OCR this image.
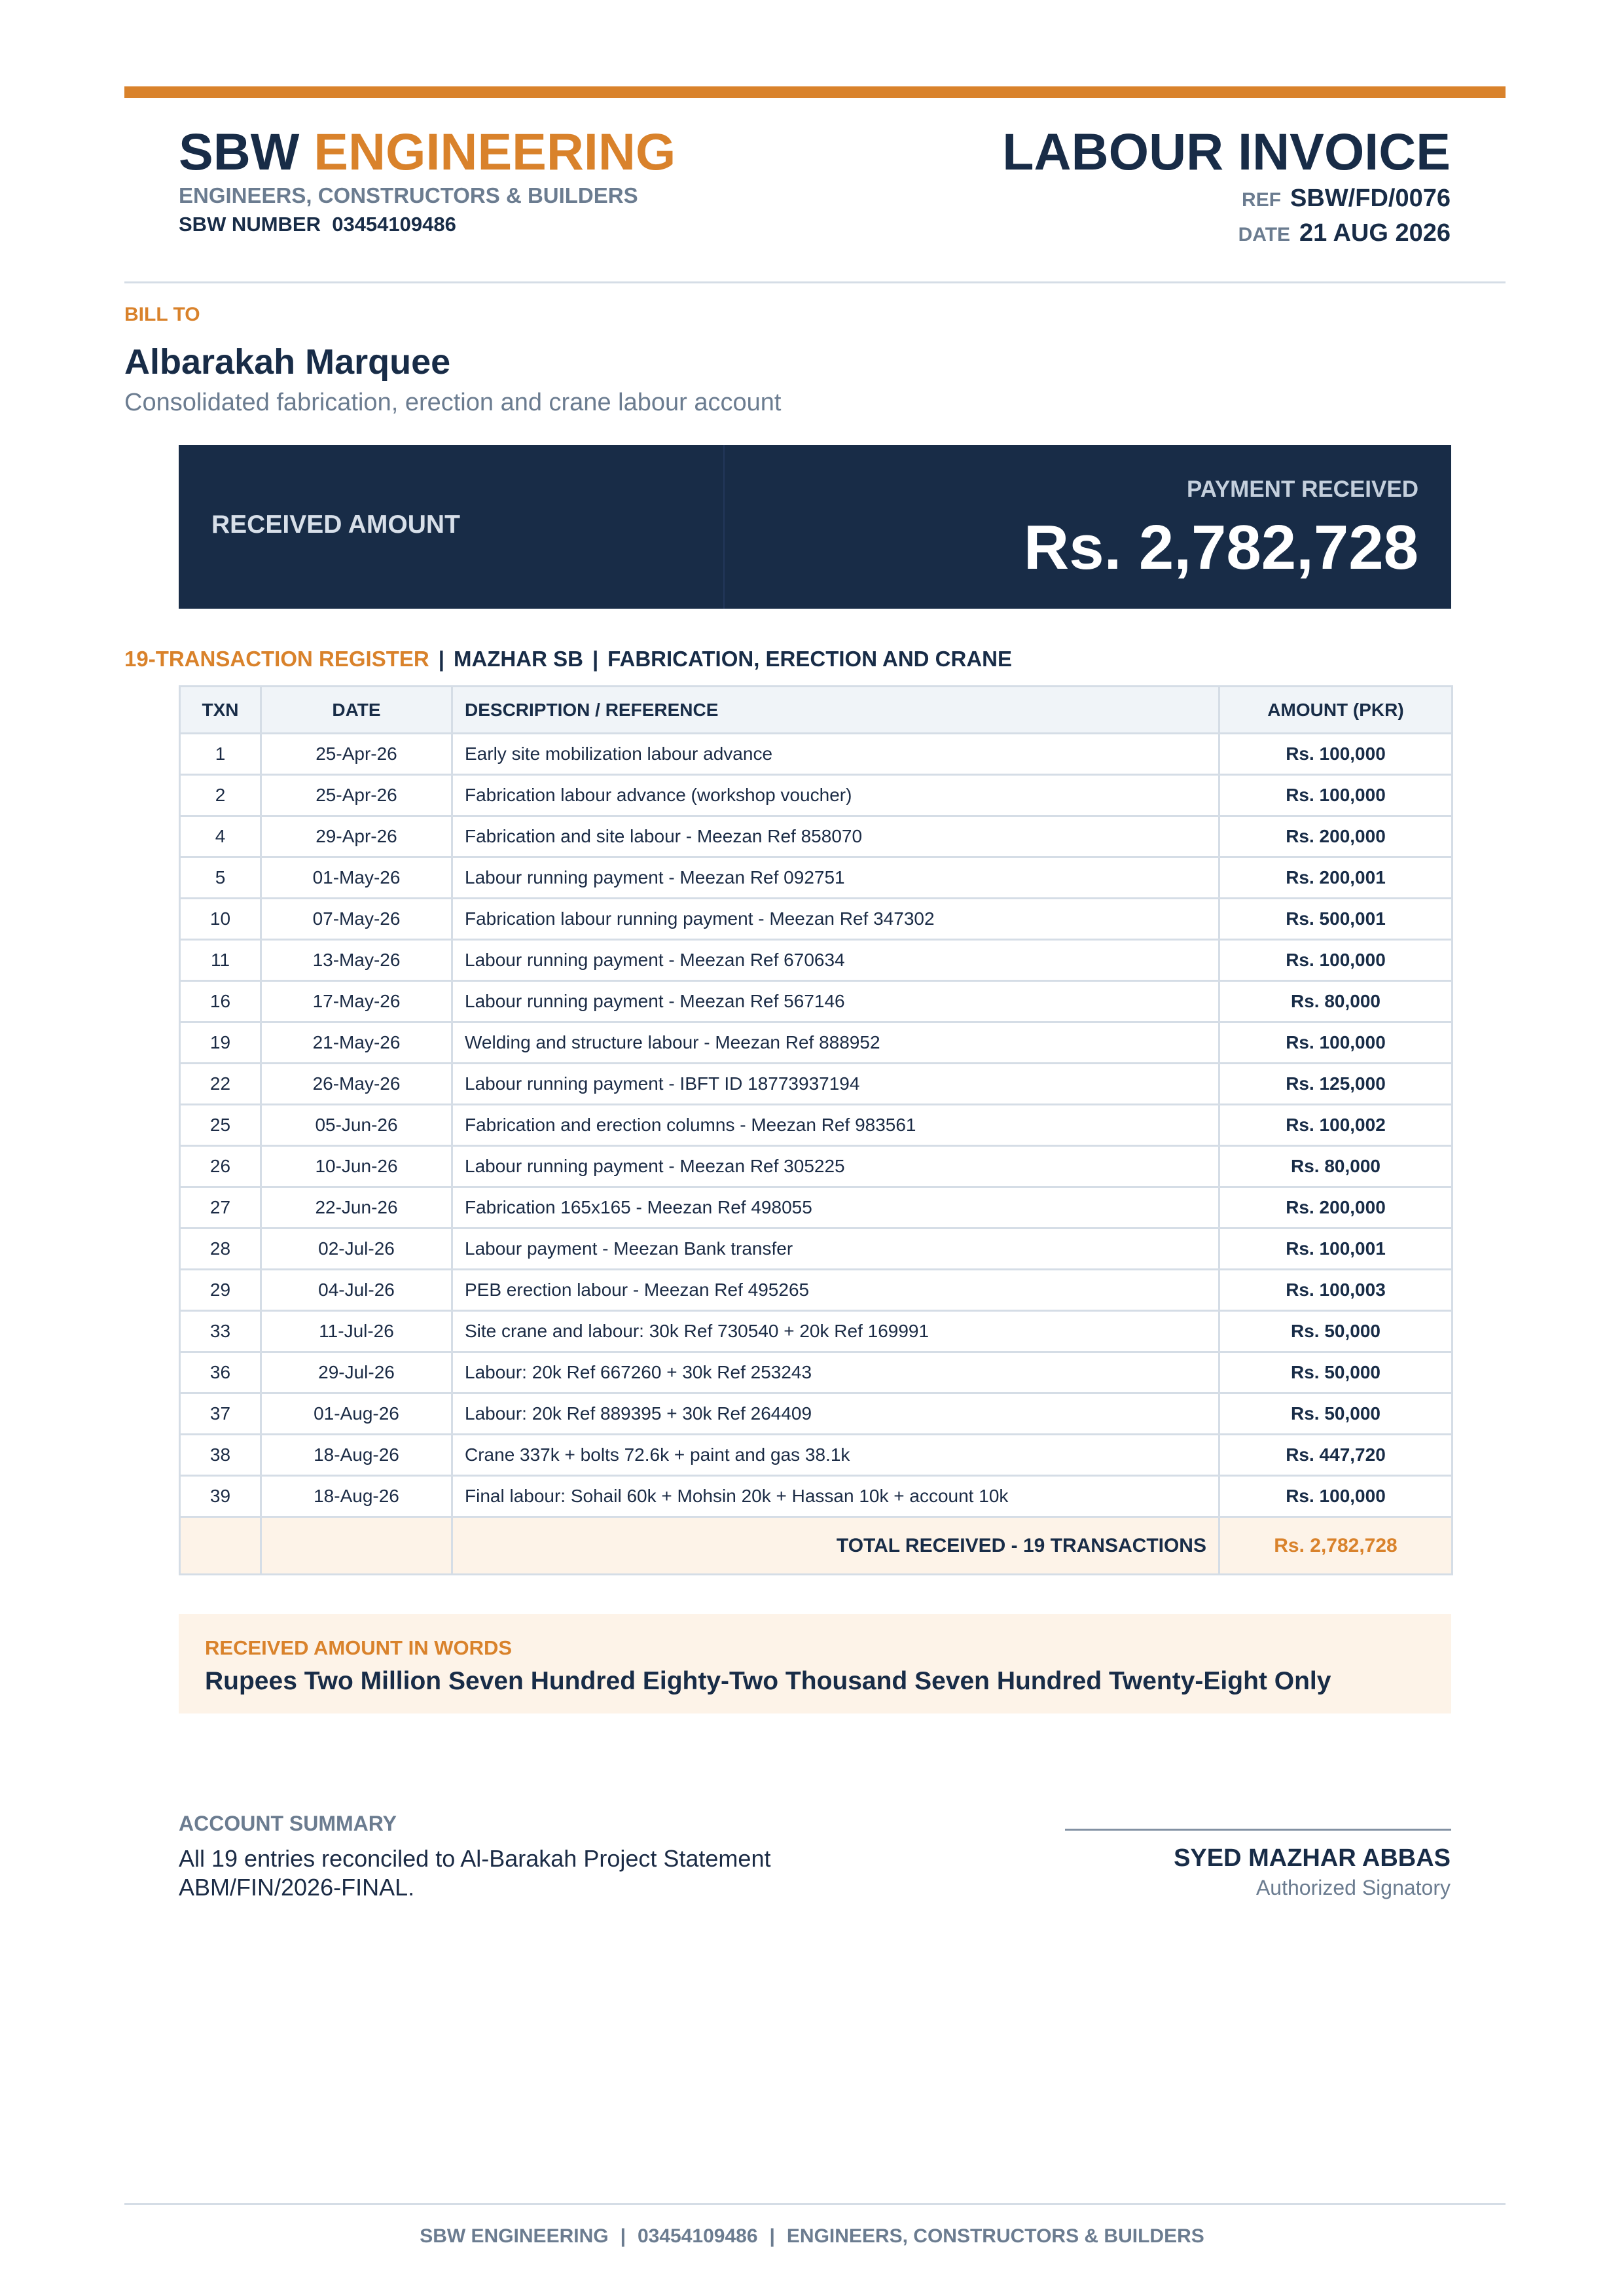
SBW ENGINEERING
ENGINEERS, CONSTRUCTORS & BUILDERS
SBW NUMBER  03454109486
LABOUR INVOICE
REF SBW/FD/0076
DATE 21 AUG 2026
BILL TO
Albarakah Marquee
Consolidated fabrication, erection and crane labour account
RECEIVED AMOUNT
PAYMENT RECEIVED
Rs. 2,782,728
19-TRANSACTION REGISTER | MAZHAR SB | FABRICATION, ERECTION AND CRANE
TXN	DATE	DESCRIPTION / REFERENCE	AMOUNT (PKR)
1	25-Apr-26	Early site mobilization labour advance	Rs. 100,000
2	25-Apr-26	Fabrication labour advance (workshop voucher)	Rs. 100,000
4	29-Apr-26	Fabrication and site labour - Meezan Ref 858070	Rs. 200,000
5	01-May-26	Labour running payment - Meezan Ref 092751	Rs. 200,001
10	07-May-26	Fabrication labour running payment - Meezan Ref 347302	Rs. 500,001
11	13-May-26	Labour running payment - Meezan Ref 670634	Rs. 100,000
16	17-May-26	Labour running payment - Meezan Ref 567146	Rs. 80,000
19	21-May-26	Welding and structure labour - Meezan Ref 888952	Rs. 100,000
22	26-May-26	Labour running payment - IBFT ID 18773937194	Rs. 125,000
25	05-Jun-26	Fabrication and erection columns - Meezan Ref 983561	Rs. 100,002
26	10-Jun-26	Labour running payment - Meezan Ref 305225	Rs. 80,000
27	22-Jun-26	Fabrication 165x165 - Meezan Ref 498055	Rs. 200,000
28	02-Jul-26	Labour payment - Meezan Bank transfer	Rs. 100,001
29	04-Jul-26	PEB erection labour - Meezan Ref 495265	Rs. 100,003
33	11-Jul-26	Site crane and labour: 30k Ref 730540 + 20k Ref 169991	Rs. 50,000
36	29-Jul-26	Labour: 20k Ref 667260 + 30k Ref 253243	Rs. 50,000
37	01-Aug-26	Labour: 20k Ref 889395 + 30k Ref 264409	Rs. 50,000
38	18-Aug-26	Crane 337k + bolts 72.6k + paint and gas 38.1k	Rs. 447,720
39	18-Aug-26	Final labour: Sohail 60k + Mohsin 20k + Hassan 10k + account 10k	Rs. 100,000
		TOTAL RECEIVED - 19 TRANSACTIONS	Rs. 2,782,728
RECEIVED AMOUNT IN WORDS
Rupees Two Million Seven Hundred Eighty-Two Thousand Seven Hundred Twenty-Eight Only
ACCOUNT SUMMARY
All 19 entries reconciled to Al-Barakah Project Statement ABM/FIN/2026-FINAL.
SYED MAZHAR ABBAS
Authorized Signatory
SBW ENGINEERING | 03454109486 | ENGINEERS, CONSTRUCTORS & BUILDERS
